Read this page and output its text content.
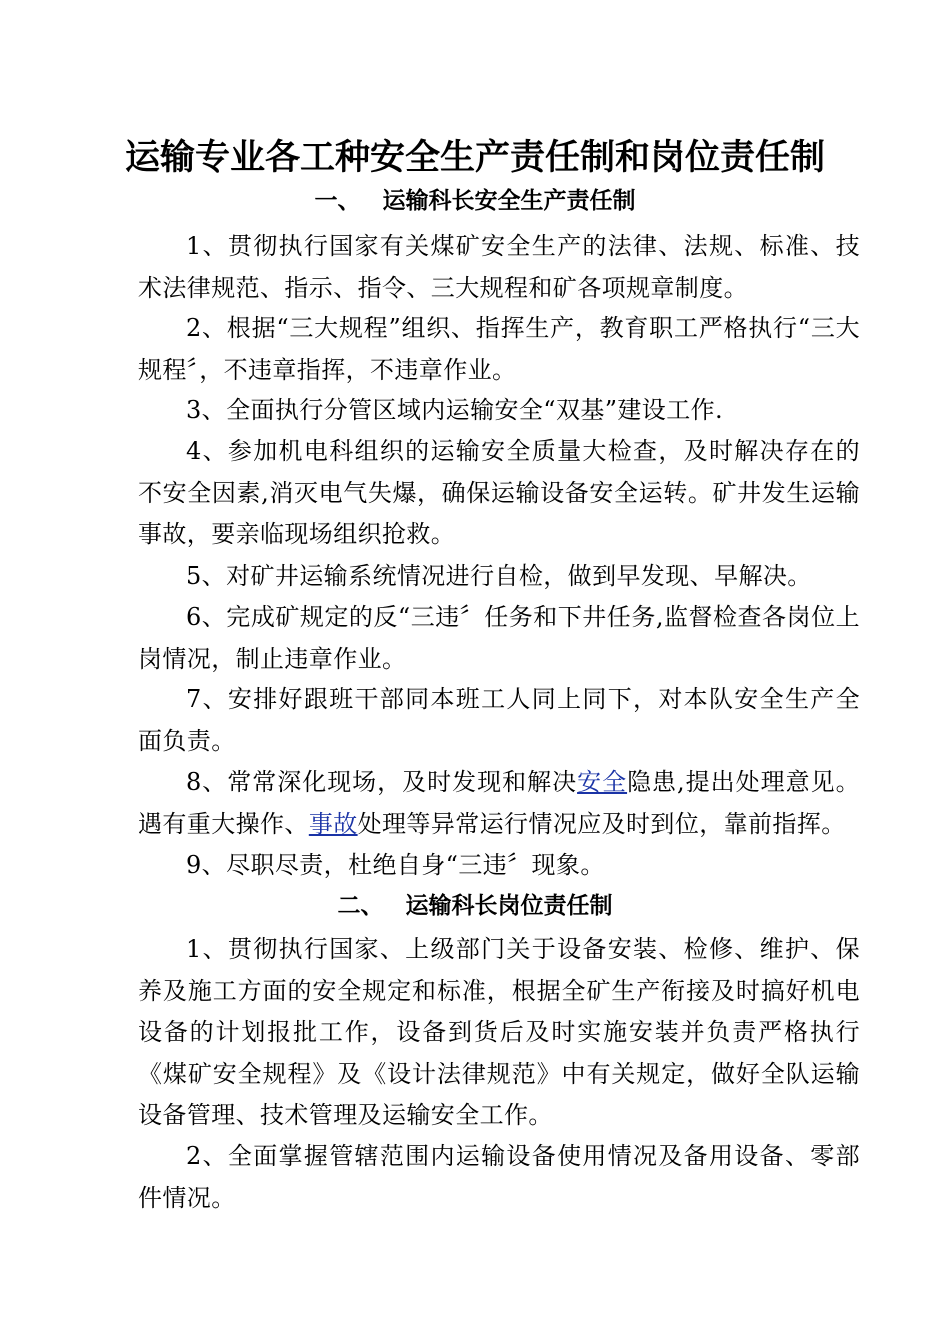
运输专业各工种安全生产责任制和岗位责任制
一、 运输科长安全生产责任制

1、贯彻执行国家有关煤矿安全生产的法律、法规、标准、技术法律规范、指示、指令、三大规程和矿各项规章制度。

2、根据“三大规程”组织、指挥生产，教育职工严格执行“三大规程〞，不违章指挥，不违章作业。

3、全面执行分管区域内运输安全“双基”建设工作.

4、参加机电科组织的运输安全质量大检查，及时解决存在的不安全因素,消灭电气失爆，确保运输设备安全运转。矿井发生运输事故，要亲临现场组织抢救。

5、对矿井运输系统情况进行自检，做到早发现、早解决。

6、完成矿规定的反“三违〞任务和下井任务,监督检查各岗位上岗情况，制止违章作业。

7、安排好跟班干部同本班工人同上同下，对本队安全生产全面负责。

8、常常深化现场，及时发现和解决安全隐患,提出处理意见。遇有重大操作、事故处理等异常运行情况应及时到位，靠前指挥。

9、尽职尽责，杜绝自身“三违〞现象。

二、 运输科长岗位责任制

1、贯彻执行国家、上级部门关于设备安装、检修、维护、保养及施工方面的安全规定和标准，根据全矿生产衔接及时搞好机电设备的计划报批工作，设备到货后及时实施安装并负责严格执行《煤矿安全规程》及《设计法律规范》中有关规定，做好全队运输设备管理、技术管理及运输安全工作。

2、全面掌握管辖范围内运输设备使用情况及备用设备、零部件情况。
